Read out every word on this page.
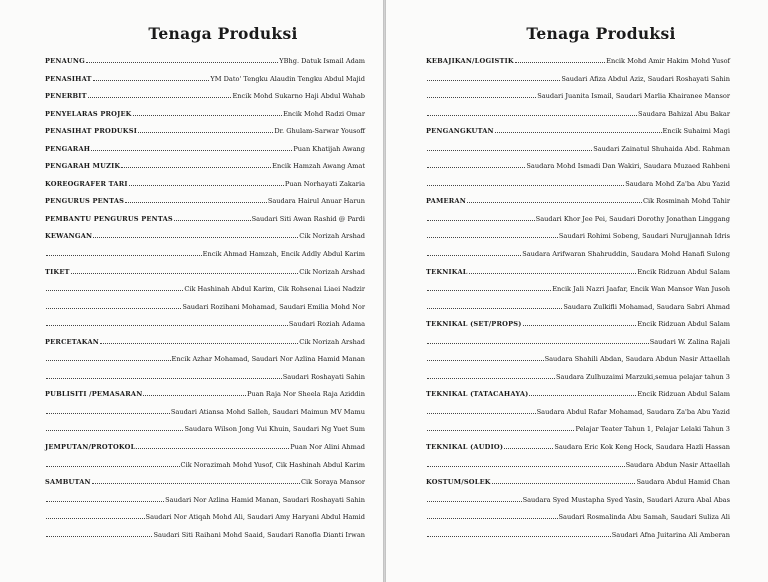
Tenaga Produksi
PENAUNG	YBhg. Datuk Ismail Adam
PENASIHAT	YM Dato' Tengku Alaudin Tengku Abdul Majid
PENERBIT	Encik Mohd Sukarno Haji Abdul Wahab
PENYELARAS PROJEK	Encik Mohd Radzi Omar
PENASIHAT PRODUKSI	Dr. Ghulam-Sarwar Yousoff
PENGARAH	Puan Khatijah Awang
PENGARAH MUZIK	Encik Hamzah Awang Amat
KOREOGRAFER TARI	Puan Norhayati Zakaria
PENGURUS PENTAS	Saudara Hairul Anuar Harun
PEMBANTU PENGURUS PENTAS	Saudari Siti Awan Rashid @ Pardi
KEWANGAN	Cik Norizah Arshad
Encik Ahmad Hamzah, Encik Addly Abdul Karim
TIKET	Cik Norizah Arshad
Cik Hashinah Abdul Karim, Cik Rohsenai Liaei Nadzir
Saudari Rozihani Mohamad, Saudari Emilia Mohd Nor
Saudari Roziah Adama
PERCETAKAN	Cik Norizah Arshad
Encik Azhar Mohamad, Saudari Nor Azlina Hamid Manan
Saudari Roshayati Sahin
PUBLISITI /PEMASARAN	Puan Raja Nor Sheela Raja Aziddin
Saudari Atiansa Mohd Salleh, Saudari Maimun MV Mamu
Saudara Wilson Jong Vui Khuin, Saudari Ng Yuet Sum
JEMPUTAN/PROTOKOL	Puan Nor Alini Ahmad
Cik Norazimah Mohd Yusof, Cik Hashinah Abdul Karim
SAMBUTAN	Cik Soraya Mansor
Saudari Nor Azlina Hamid Manan, Saudari Roshayati Sahin
Saudari Nor Atiqah Mohd Ali, Saudari Amy Haryani Abdul Hamid
Saudari Siti Raihani Mohd Saaid, Saudari Ranofla Dianti Irwan
Tenaga Produksi
KEBAJIKAN/LOGISTIK	Encik Mohd Amir Hakim Mohd Yusof
Saudari Afiza Abdul Aziz, Saudari Roshayati Sahin
Saudari Juanita Ismail, Saudari Marlia Khairanee Mansor
Saudara Bahizal Abu Bakar
PENGANGKUTAN	Encik Suhaimi Magi
Saudari Zainatul Shuhaida Abd. Rahman
Saudara Mohd Ismadi Dan Wakiri, Saudara Muzaed Rahbeni
Saudara Mohd Za'ba Abu Yazid
PAMERAN	Cik Rosminah Mohd Tahir
Saudari Khor Jee Pei, Saudari Dorothy Jonathan Linggang
Saudari Rohimi Sobeng, Saudari Nurujjannah Idris
Saudara Arifwaran Shahruddin, Saudara Mohd Hanafi Sulong
TEKNIKAL	Encik Ridzuan Abdul Salam
Encik Jali Nazri Jaafar, Encik Wan Mansor Wan Jusoh
Saudara Zulkifli Mohamad, Saudara Sabri Ahmad
TEKNIKAL (SET/PROPS)	Encik Ridzuan Abdul Salam
Saudari W. Zalina Rajali
Saudara Shahili Abdan, Saudara Abdun Nasir Attaellah
Saudara Zulhuzaimi Marzuki,semua pelajar tahun 3
TEKNIKAL (TATACAHAYA)	Encik Ridzuan Abdul Salam
Saudara Abdul Rafar Mohamad, Saudara Za'ba Abu Yazid
Pelajar Teater Tahun 1, Pelajar Lelaki Tahun 3
TEKNIKAL (AUDIO)	Saudara Eric Kok Keng Hock, Saudara Hazli Hassan
Saudara Abdun Nasir Attaellah
KOSTUM/SOLEK	Saudara Abdul Hamid Chan
Saudara Syed Mustapha Syed Yasin, Saudari Azura Abal Abas
Saudari Rosmalinda Abu Samah, Saudari Suliza Ali
Saudari Afna Juitarina Ali Amberan
